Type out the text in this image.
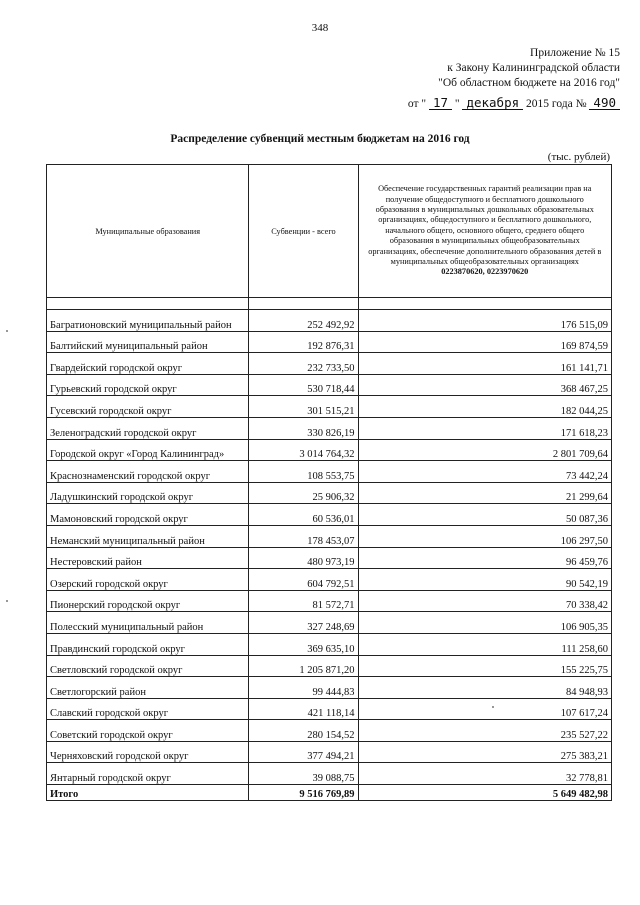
348
Приложение № 15
к Закону Калининградской области
"Об областном бюджете на 2016 год"
от " 17 " декабря 2015 года № 490
Распределение субвенций местным бюджетам на 2016 год
(тыс. рублей)
Муниципальные образования	Субвенции - всего	Обеспечение государственных гарантий реализации прав на получение общедоступного и бесплатного дошкольного образования в муниципальных дошкольных образовательных организациях, общедоступного и бесплатного дошкольного, начального общего, основного общего, среднего общего образования в муниципальных общеобразовательных организациях, обеспечение дополнительного образования детей в муниципальных общеобразовательных организациях
0223870620, 0223970620

Багратионовский муниципальный район	252 492,92	176 515,09
Балтийский муниципальный район	192 876,31	169 874,59
Гвардейский городской округ	232 733,50	161 141,71
Гурьевский городской округ	530 718,44	368 467,25
Гусевский городской округ	301 515,21	182 044,25
Зеленоградский городской округ	330 826,19	171 618,23
Городской округ «Город Калининград»	3 014 764,32	2 801 709,64
Краснознаменский городской округ	108 553,75	73 442,24
Ладушкинский городской округ	25 906,32	21 299,64
Мамоновский городской округ	60 536,01	50 087,36
Неманский муниципальный район	178 453,07	106 297,50
Нестеровский район	480 973,19	96 459,76
Озерский городской округ	604 792,51	90 542,19
Пионерский городской округ	81 572,71	70 338,42
Полесский муниципальный район	327 248,69	106 905,35
Правдинский городской округ	369 635,10	111 258,60
Светловский городской округ	1 205 871,20	155 225,75
Светлогорский район	99 444,83	84 948,93
Славский городской округ	421 118,14	107 617,24
Советский городской округ	280 154,52	235 527,22
Черняховский городской округ	377 494,21	275 383,21
Янтарный городской округ	39 088,75	32 778,81
Итого	9 516 769,89	5 649 482,98
